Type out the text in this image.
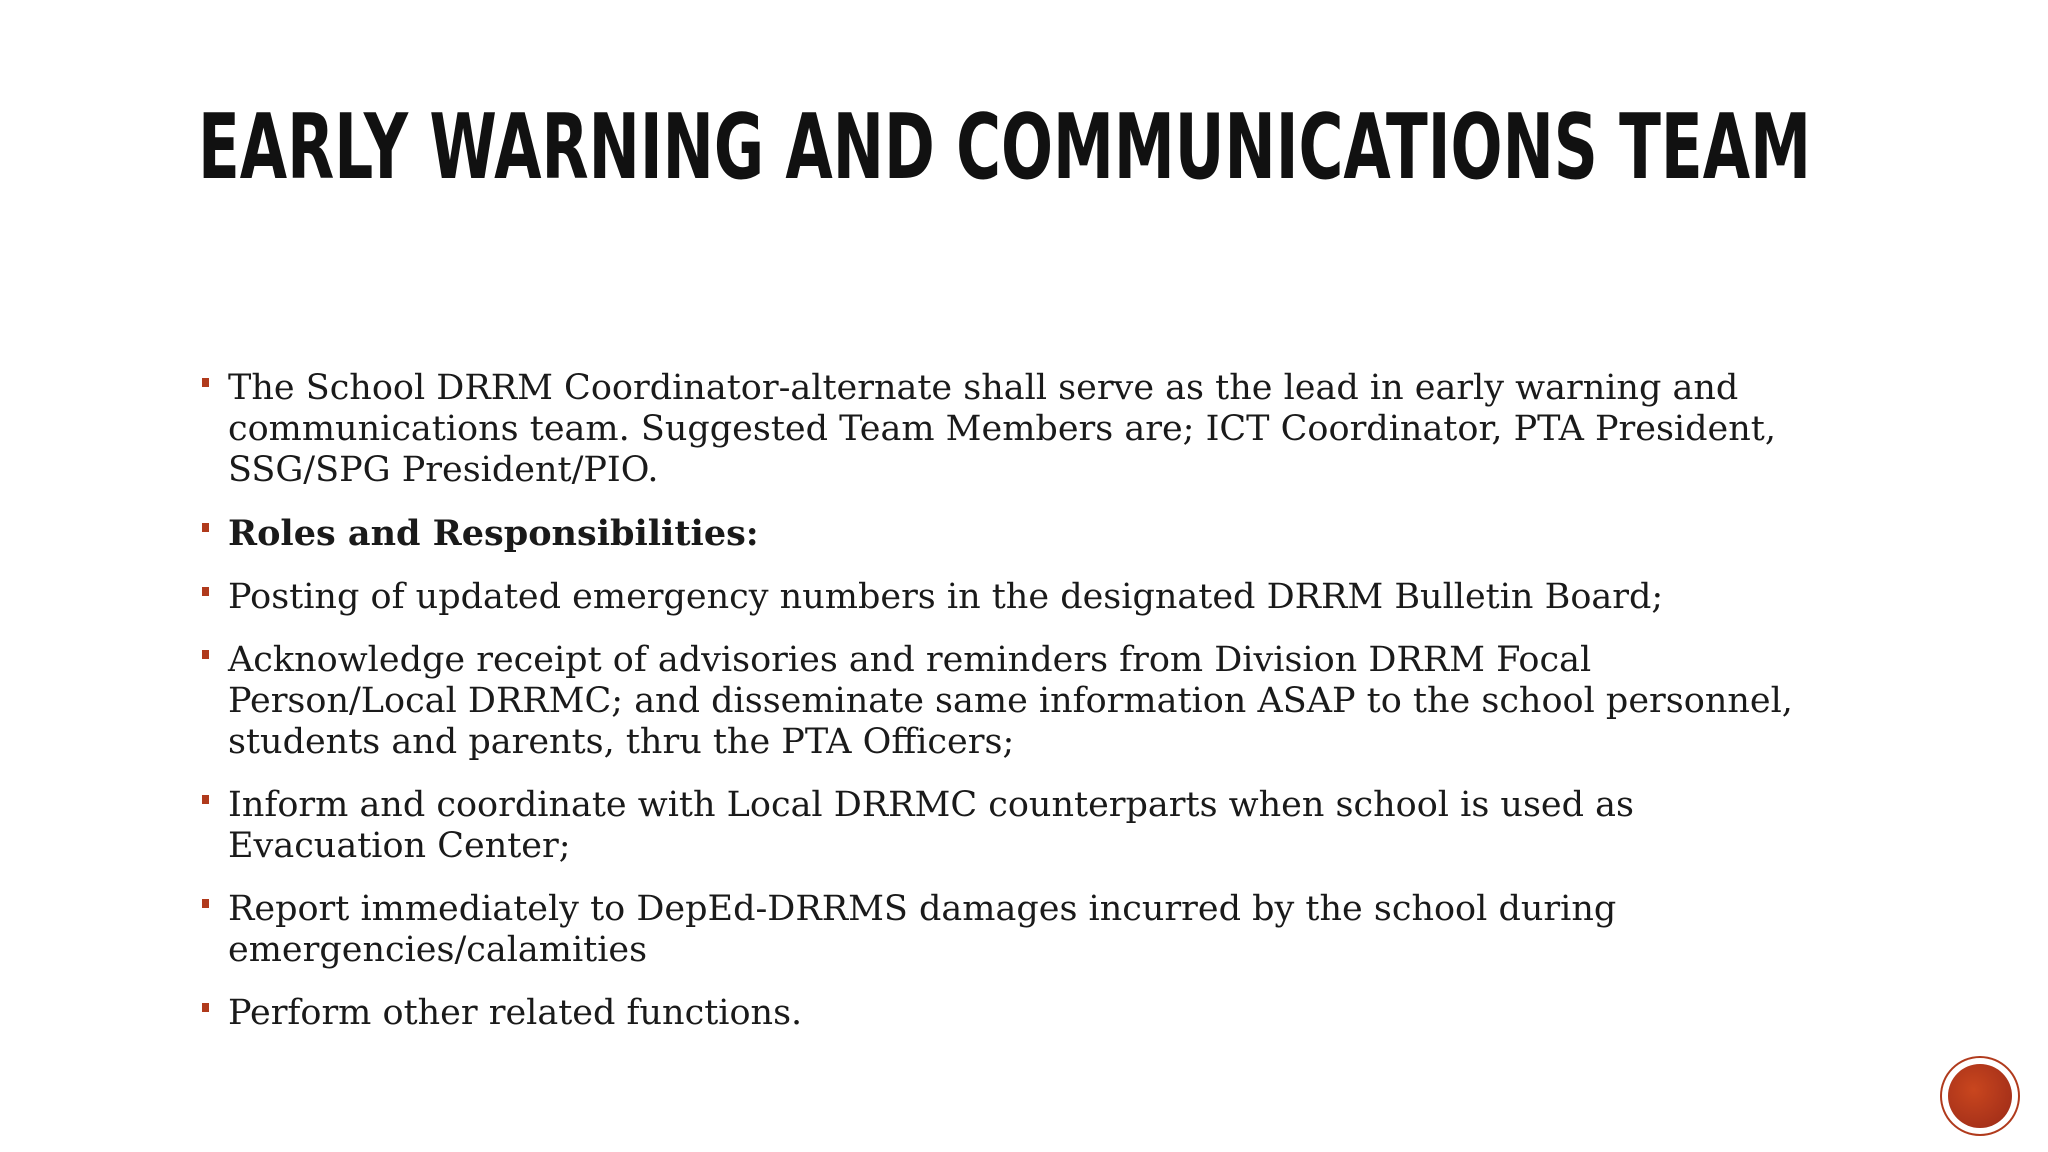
EARLY WARNING AND COMMUNICATIONS TEAM
The School DRRM Coordinator-alternate shall serve as the lead in early warning and communications team. Suggested Team Members are; ICT Coordinator, PTA President, SSG/SPG President/PIO.
Roles and Responsibilities:
Posting of updated emergency numbers in the designated DRRM Bulletin Board;
Acknowledge receipt of advisories and reminders from Division DRRM Focal Person/Local DRRMC; and disseminate same information ASAP to the school personnel, students and parents, thru the PTA Officers;
Inform and coordinate with Local DRRMC counterparts when school is used as Evacuation Center;
Report immediately to DepEd-DRRMS damages incurred by the school during emergencies/calamities
Perform other related functions.
